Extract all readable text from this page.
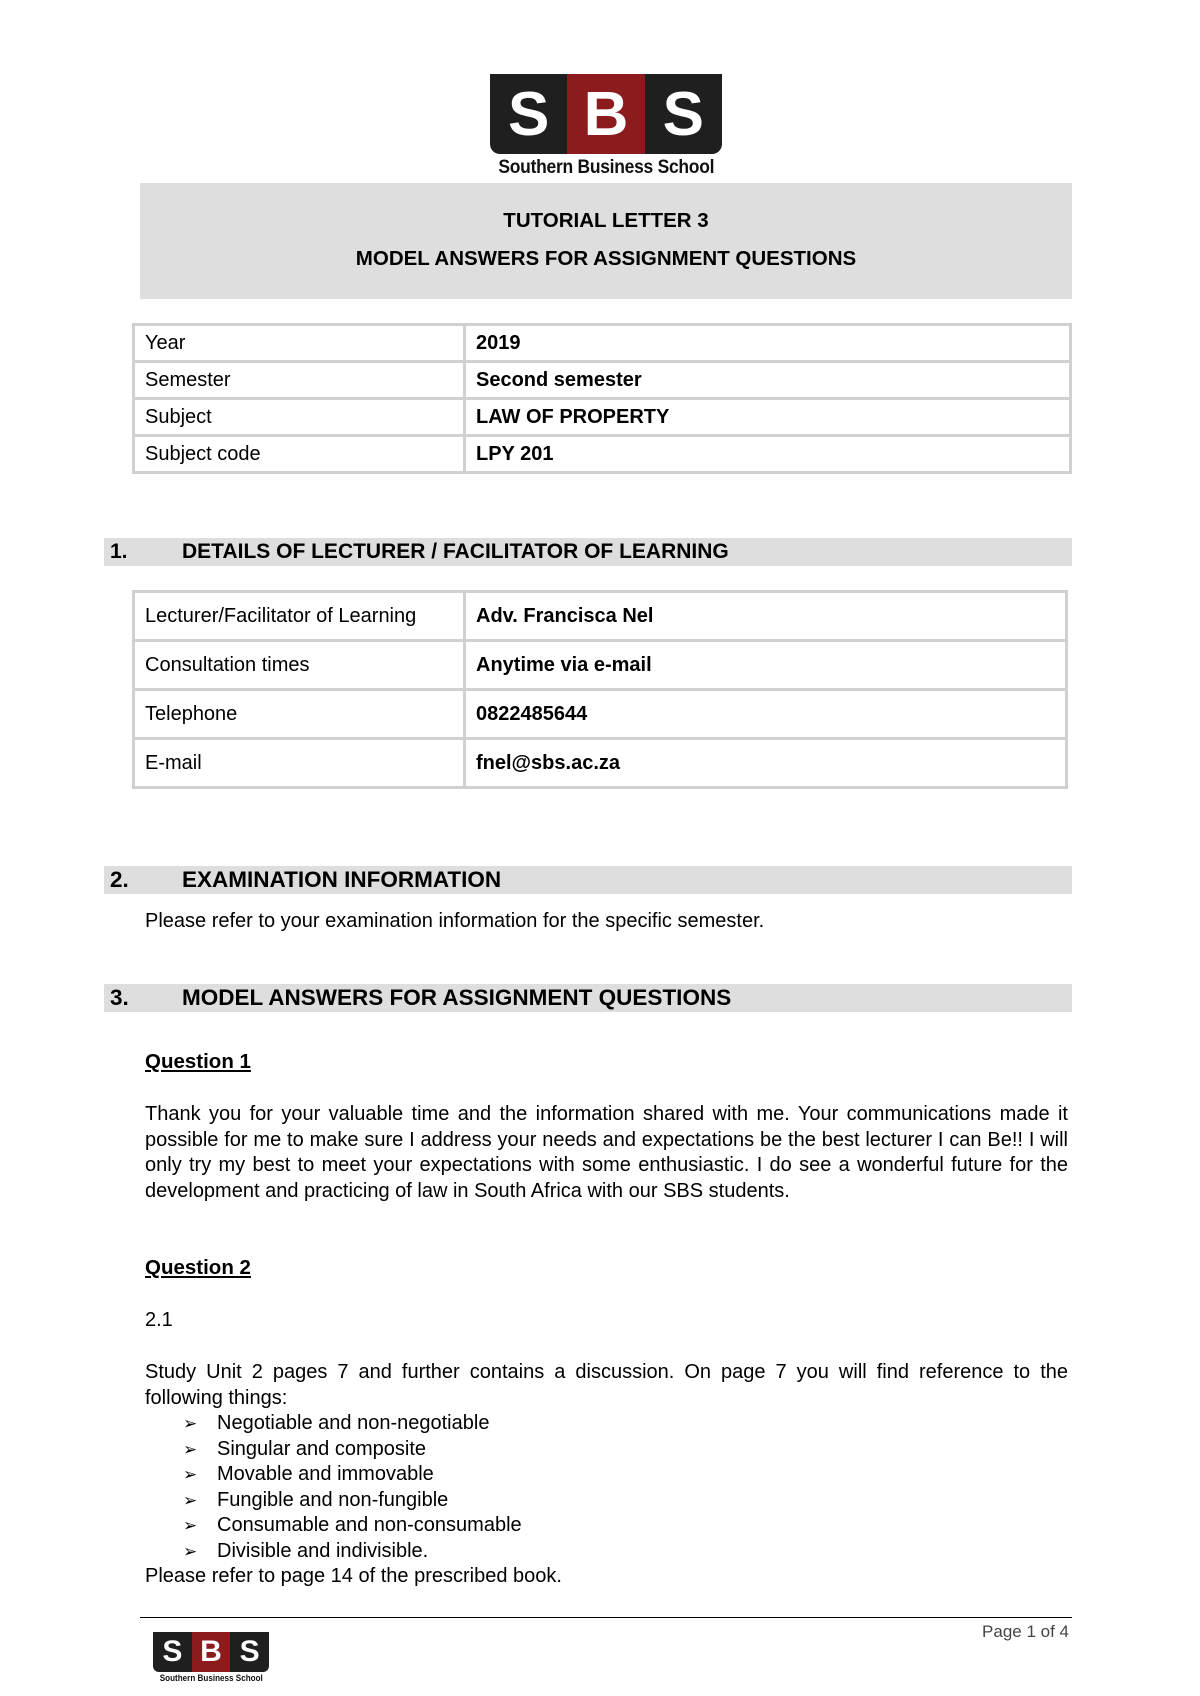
S B S
Southern Business School
TUTORIAL LETTER 3
MODEL ANSWERS FOR ASSIGNMENT QUESTIONS
Year	2019
Semester	Second semester
Subject	LAW OF PROPERTY
Subject code	LPY 201
1.	DETAILS OF LECTURER / FACILITATOR OF LEARNING
Lecturer/Facilitator of Learning	Adv. Francisca Nel
Consultation times	Anytime via e-mail
Telephone	0822485644
E-mail	fnel@sbs.ac.za
2. EXAMINATION INFORMATION
Please refer to your examination information for the specific semester.
3. MODEL ANSWERS FOR ASSIGNMENT QUESTIONS
Question 1
Thank you for your valuable time and the information shared with me. Your communications made it possible for me to make sure I address your needs and expectations be the best lecturer I can Be!! I will only try my best to meet your expectations with some enthusiastic. I do see a wonderful future for the development and practicing of law in South Africa with our SBS students.
Question 2
2.1
Study Unit 2 pages 7 and further contains a discussion. On page 7 you will find reference to the following things:
➢ Negotiable and non-negotiable
➢ Singular and composite
➢ Movable and immovable
➢ Fungible and non-fungible
➢ Consumable and non-consumable
➢ Divisible and indivisible.
Please refer to page 14 of the prescribed book.
Page 1 of 4
S B S
Southern Business School
